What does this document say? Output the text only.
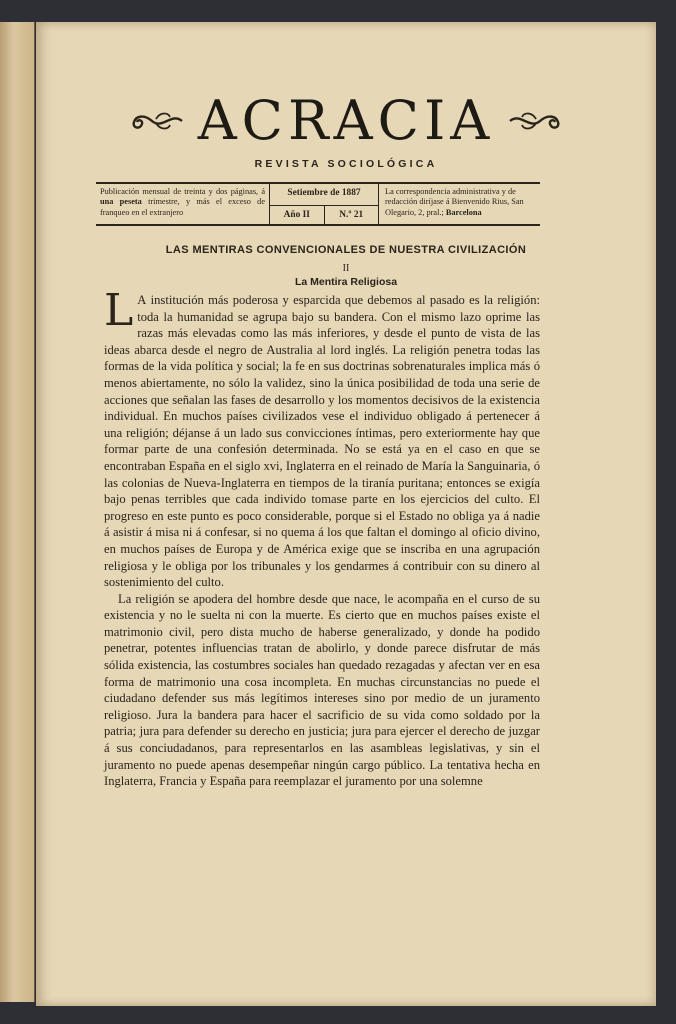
ACRACIA
REVISTA SOCIOLÓGICA
Publicación mensual de treinta y dos páginas, á una peseta trimestre, y más el exceso de franqueo en el extranjero
Setiembre de 1887
Año II	N.º 21
La correspondencia administrativa y de redacción diríjase á Bienvenido Rius, San Olegario, 2, pral.; Barcelona
LAS MENTIRAS CONVENCIONALES DE NUESTRA CIVILIZACIÓN
II
La Mentira Religiosa

L A institución más poderosa y esparcida que debemos al pasado es la religión: toda la humanidad se agrupa bajo su bandera. Con el mismo lazo oprime las razas más elevadas como las más inferiores, y desde el punto de vista de las ideas abarca desde el negro de Australia al lord inglés. La religión penetra todas las formas de la vida política y social; la fe en sus doctrinas sobrenaturales implica más ó menos abiertamente, no sólo la validez, sino la única posibilidad de toda una serie de acciones que señalan las fases de desarrollo y los momentos decisivos de la existencia individual. En muchos países civilizados vese el individuo obligado á pertenecer á una religión; déjanse á un lado sus convicciones íntimas, pero exteriormente hay que formar parte de una confesión determinada. No se está ya en el caso en que se encontraban España en el siglo xvi, Inglaterra en el reinado de María la Sanguinaria, ó las colonias de Nueva-Inglaterra en tiempos de la tiranía puritana; entonces se exigía bajo penas terribles que cada individo tomase parte en los ejercicios del culto. El progreso en este punto es poco considerable, porque si el Estado no obliga ya á nadie á asistir á misa ni á confesar, si no quema á los que faltan el domingo al oficio divino, en muchos países de Europa y de América exige que se inscriba en una agrupación religiosa y le obliga por los tribunales y los gendarmes á contribuir con su dinero al sostenimiento del culto.

La religión se apodera del hombre desde que nace, le acompaña en el curso de su existencia y no le suelta ni con la muerte. Es cierto que en muchos países existe el matrimonio civil, pero dista mucho de haberse generalizado, y donde ha podido penetrar, potentes influencias tratan de abolirlo, y donde parece disfrutar de más sólida existencia, las costumbres sociales han quedado rezagadas y afectan ver en esa forma de matrimonio una cosa incompleta. En muchas circunstancias no puede el ciudadano defender sus más legítimos intereses sino por medio de un juramento religioso. Jura la bandera para hacer el sacrificio de su vida como soldado por la patria; jura para defender su derecho en justicia; jura para ejercer el derecho de juzgar á sus conciudadanos, para representarlos en las asambleas legislativas, y sin el juramento no puede apenas desempeñar ningún cargo público. La tentativa hecha en Inglaterra, Francia y España para reemplazar el juramento por una solemne
